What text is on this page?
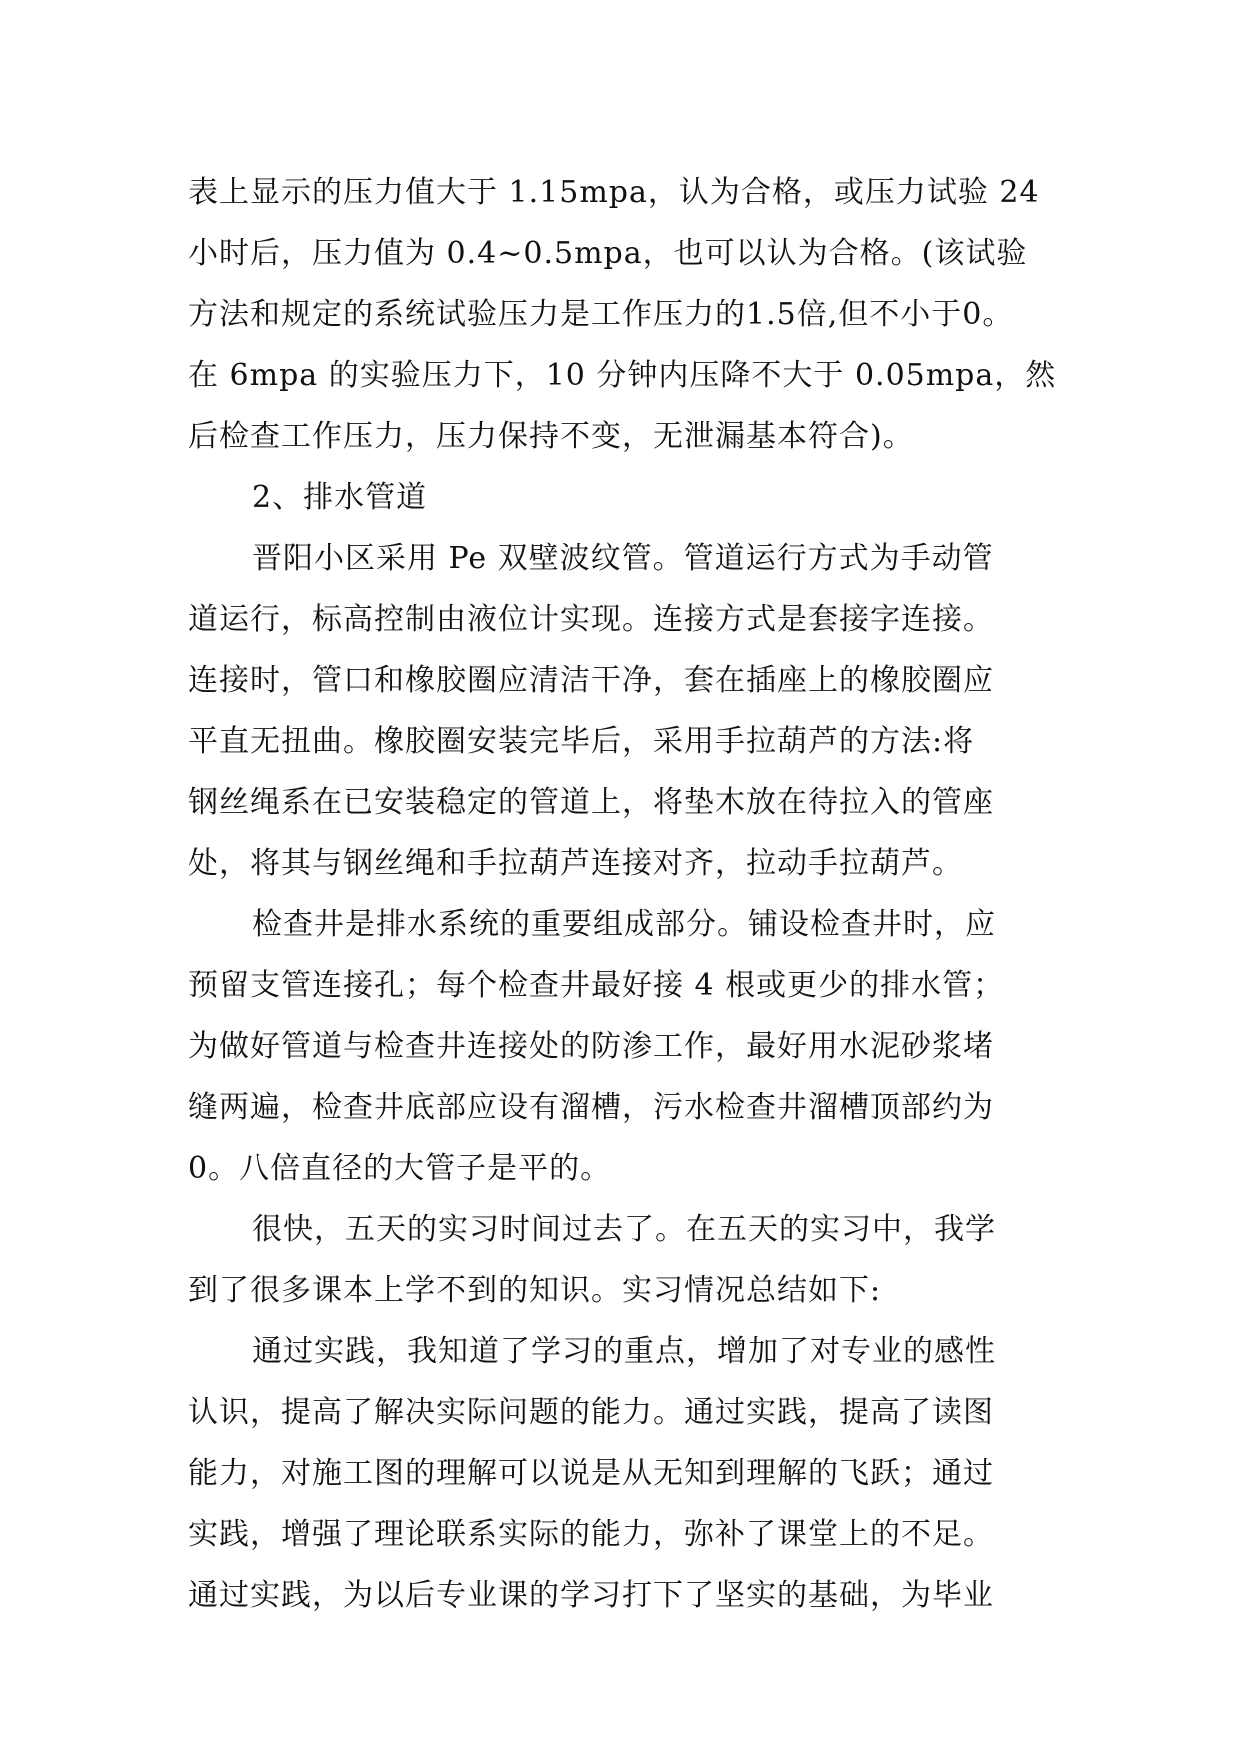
表上显示的压力值大于 1.15mpa，认为合格，或压力试验 24
小时后，压力值为 0.4~0.5mpa，也可以认为合格。(该试验
方法和规定的系统试验压力是工作压力的1.5倍,但不小于0。
在 6mpa 的实验压力下，10 分钟内压降不大于 0.05mpa，然
后检查工作压力，压力保持不变，无泄漏基本符合)。
2、排水管道
晋阳小区采用 Pe 双壁波纹管。管道运行方式为手动管
道运行，标高控制由液位计实现。连接方式是套接字连接。
连接时，管口和橡胶圈应清洁干净，套在插座上的橡胶圈应
平直无扭曲。橡胶圈安装完毕后，采用手拉葫芦的方法:将
钢丝绳系在已安装稳定的管道上，将垫木放在待拉入的管座
处，将其与钢丝绳和手拉葫芦连接对齐，拉动手拉葫芦。
检查井是排水系统的重要组成部分。铺设检查井时，应
预留支管连接孔；每个检查井最好接 4 根或更少的排水管；
为做好管道与检查井连接处的防渗工作，最好用水泥砂浆堵
缝两遍，检查井底部应设有溜槽，污水检查井溜槽顶部约为
0。八倍直径的大管子是平的。
很快，五天的实习时间过去了。在五天的实习中，我学
到了很多课本上学不到的知识。实习情况总结如下:
通过实践，我知道了学习的重点，增加了对专业的感性
认识，提高了解决实际问题的能力。通过实践，提高了读图
能力，对施工图的理解可以说是从无知到理解的飞跃；通过
实践，增强了理论联系实际的能力，弥补了课堂上的不足。
通过实践，为以后专业课的学习打下了坚实的基础，为毕业
